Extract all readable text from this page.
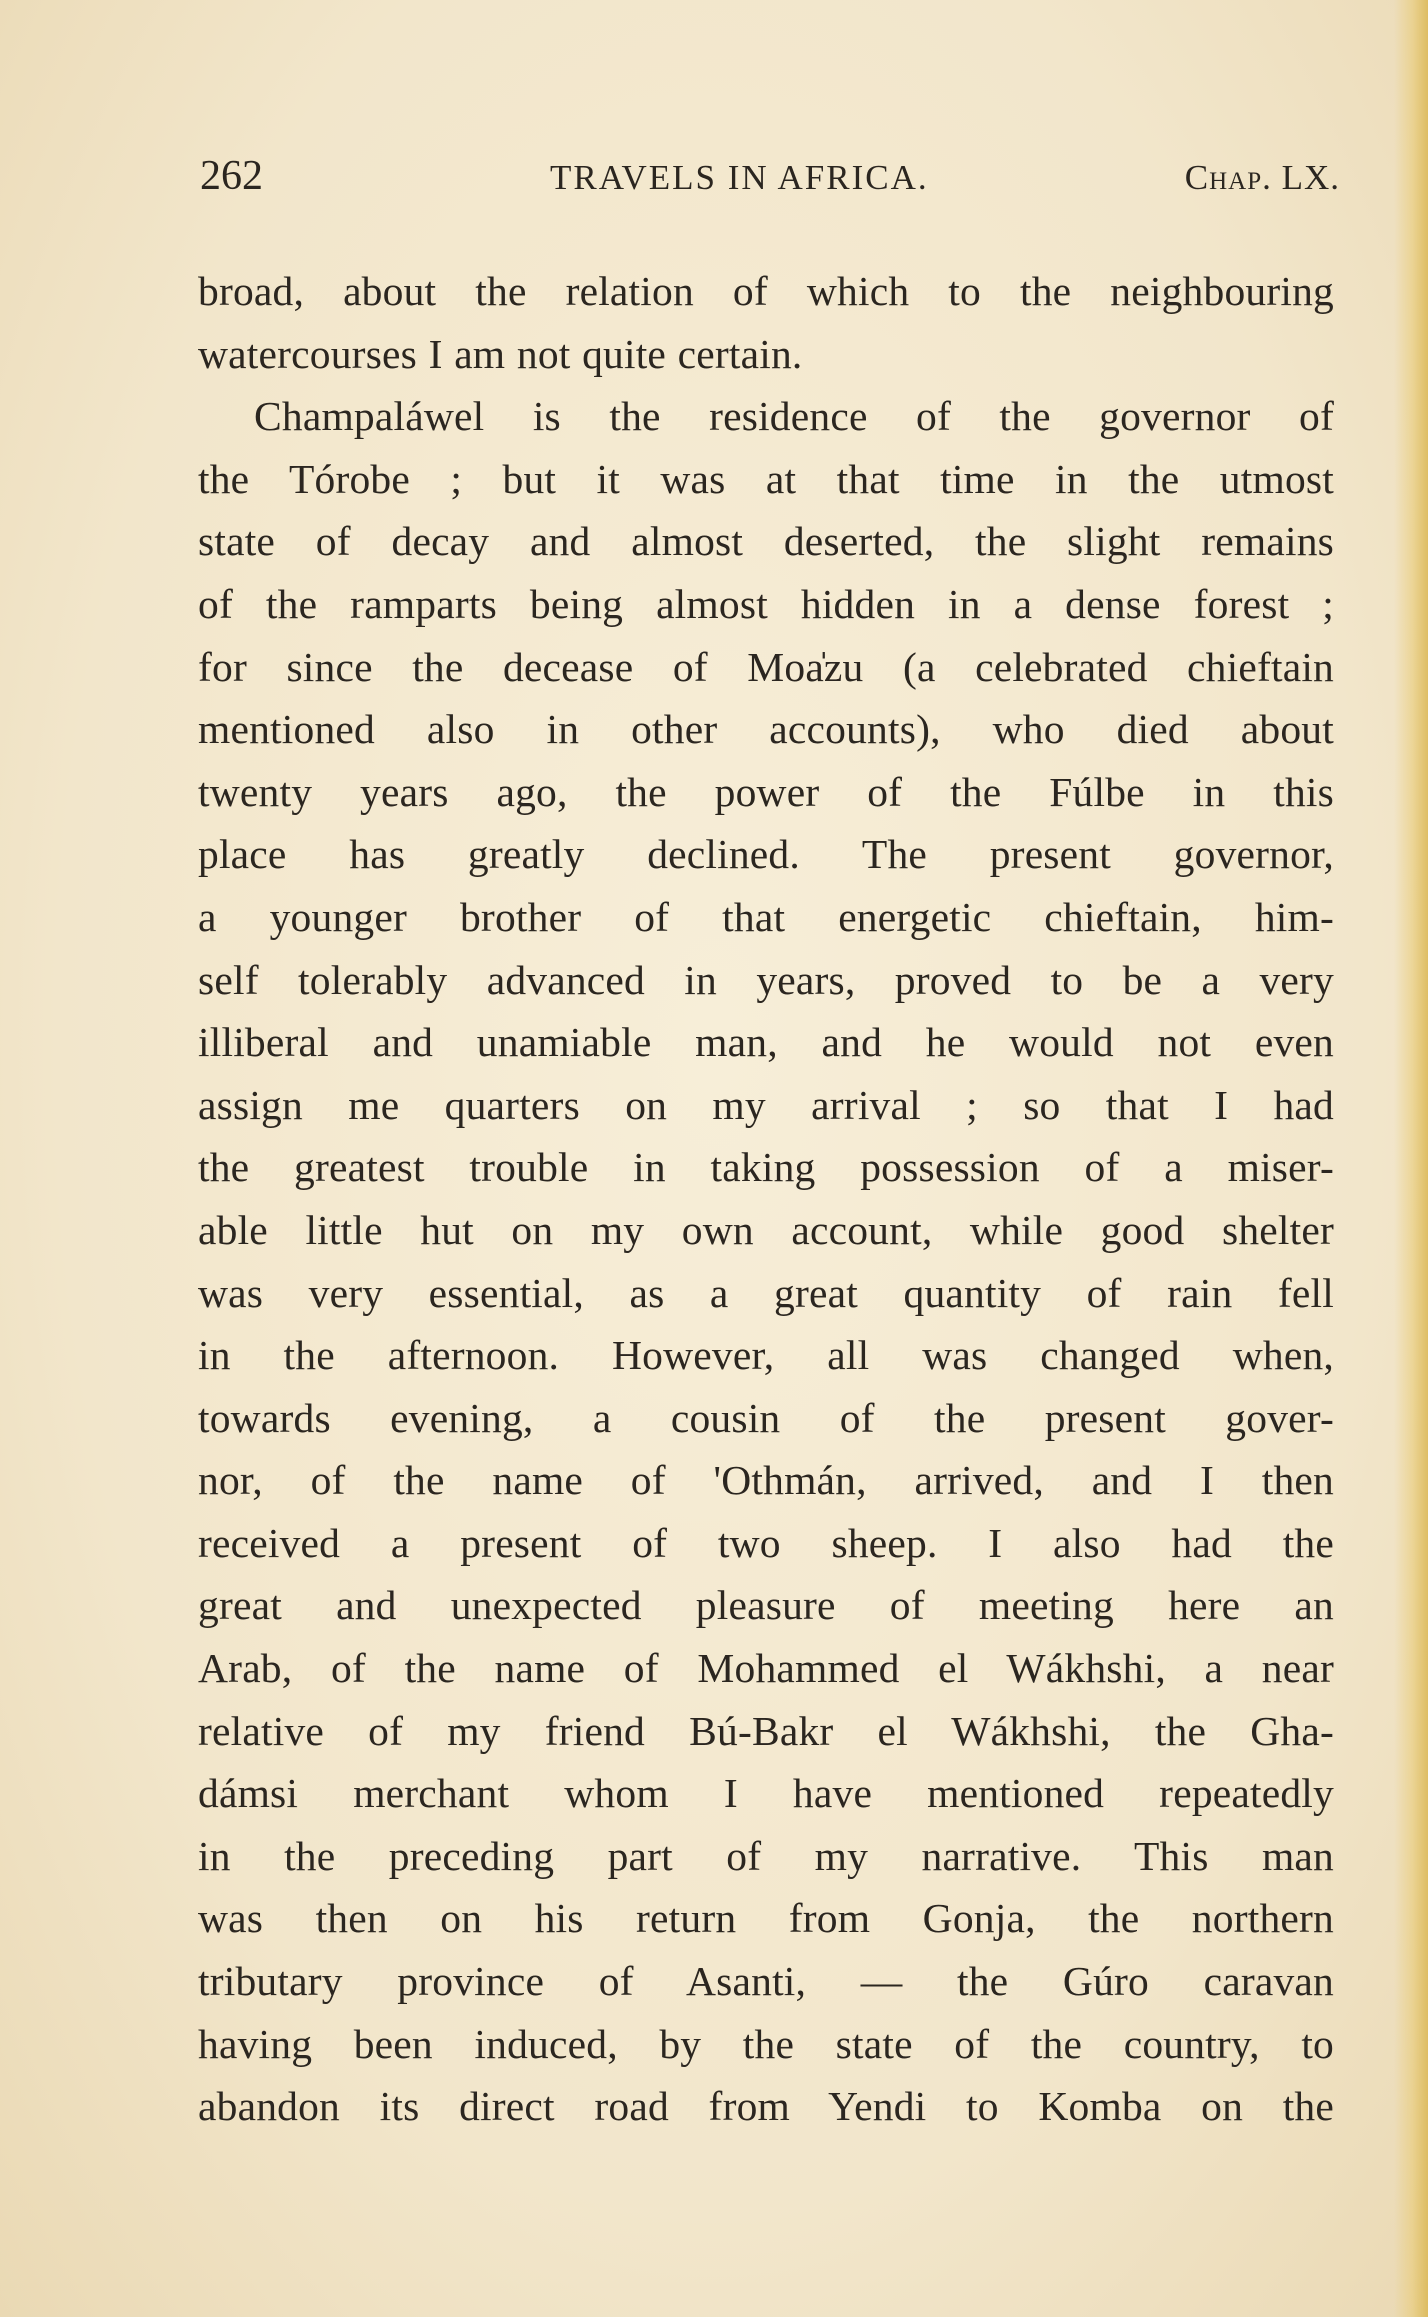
262	TRAVELS IN AFRICA.	Chap. LX.
broad, about the relation of which to the neighbouring
watercourses I am not quite certain.
Champaláwel is the residence of the governor of
the Tórobe ; but it was at that time in the utmost
state of decay and almost deserted, the slight remains
of the ramparts being almost hidden in a dense forest ;
for since the decease of Moa̍zu (a celebrated chieftain
mentioned also in other accounts), who died about
twenty years ago, the power of the Fúlbe in this
place has greatly declined. The present governor,
a younger brother of that energetic chieftain, him-
self tolerably advanced in years, proved to be a very
illiberal and unamiable man, and he would not even
assign me quarters on my arrival ; so that I had
the greatest trouble in taking possession of a miser-
able little hut on my own account, while good shelter
was very essential, as a great quantity of rain fell
in the afternoon. However, all was changed when,
towards evening, a cousin of the present gover-
nor, of the name of 'Othmán, arrived, and I then
received a present of two sheep. I also had the
great and unexpected pleasure of meeting here an
Arab, of the name of Mohammed el Wákhshi, a near
relative of my friend Bú-Bakr el Wákhshi, the Gha-
dámsi merchant whom I have mentioned repeatedly
in the preceding part of my narrative. This man
was then on his return from Gonja, the northern
tributary province of Asanti, — the Gúro caravan
having been induced, by the state of the country, to
abandon its direct road from Yendi to Komba on the
